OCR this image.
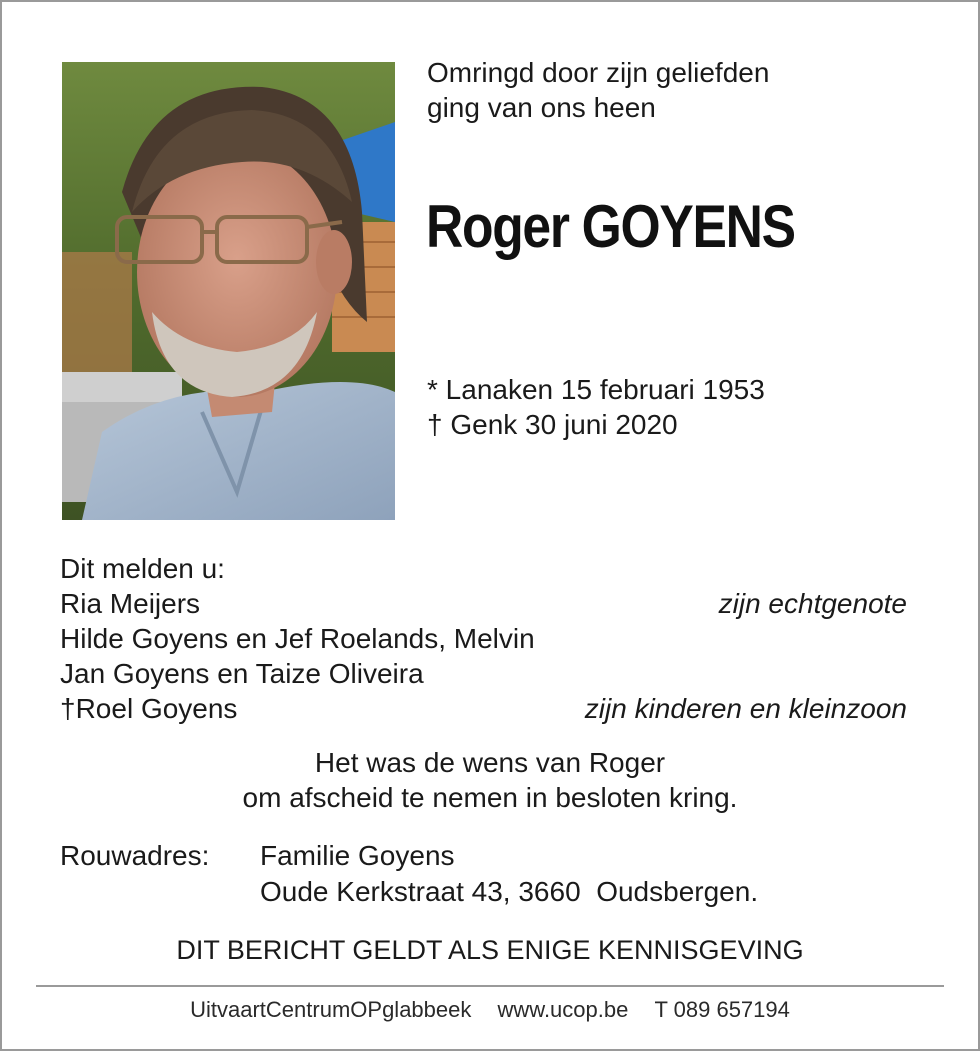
Omringd door zijn geliefden
ging van ons heen
Roger GOYENS
* Lanaken 15 februari 1953
† Genk 30 juni 2020
Dit melden u:
Ria Meijers	zijn echtgenote
Hilde Goyens en Jef Roelands, Melvin
Jan Goyens en Taize Oliveira
†Roel Goyens	zijn kinderen en kleinzoon
Het was de wens van Roger
om afscheid te nemen in besloten kring.
Rouwadres: Familie Goyens
Oude Kerkstraat 43, 3660  Oudsbergen.
DIT BERICHT GELDT ALS ENIGE KENNISGEVING
UitvaartCentrumOPglabbeek www.ucop.be T 089 657194
